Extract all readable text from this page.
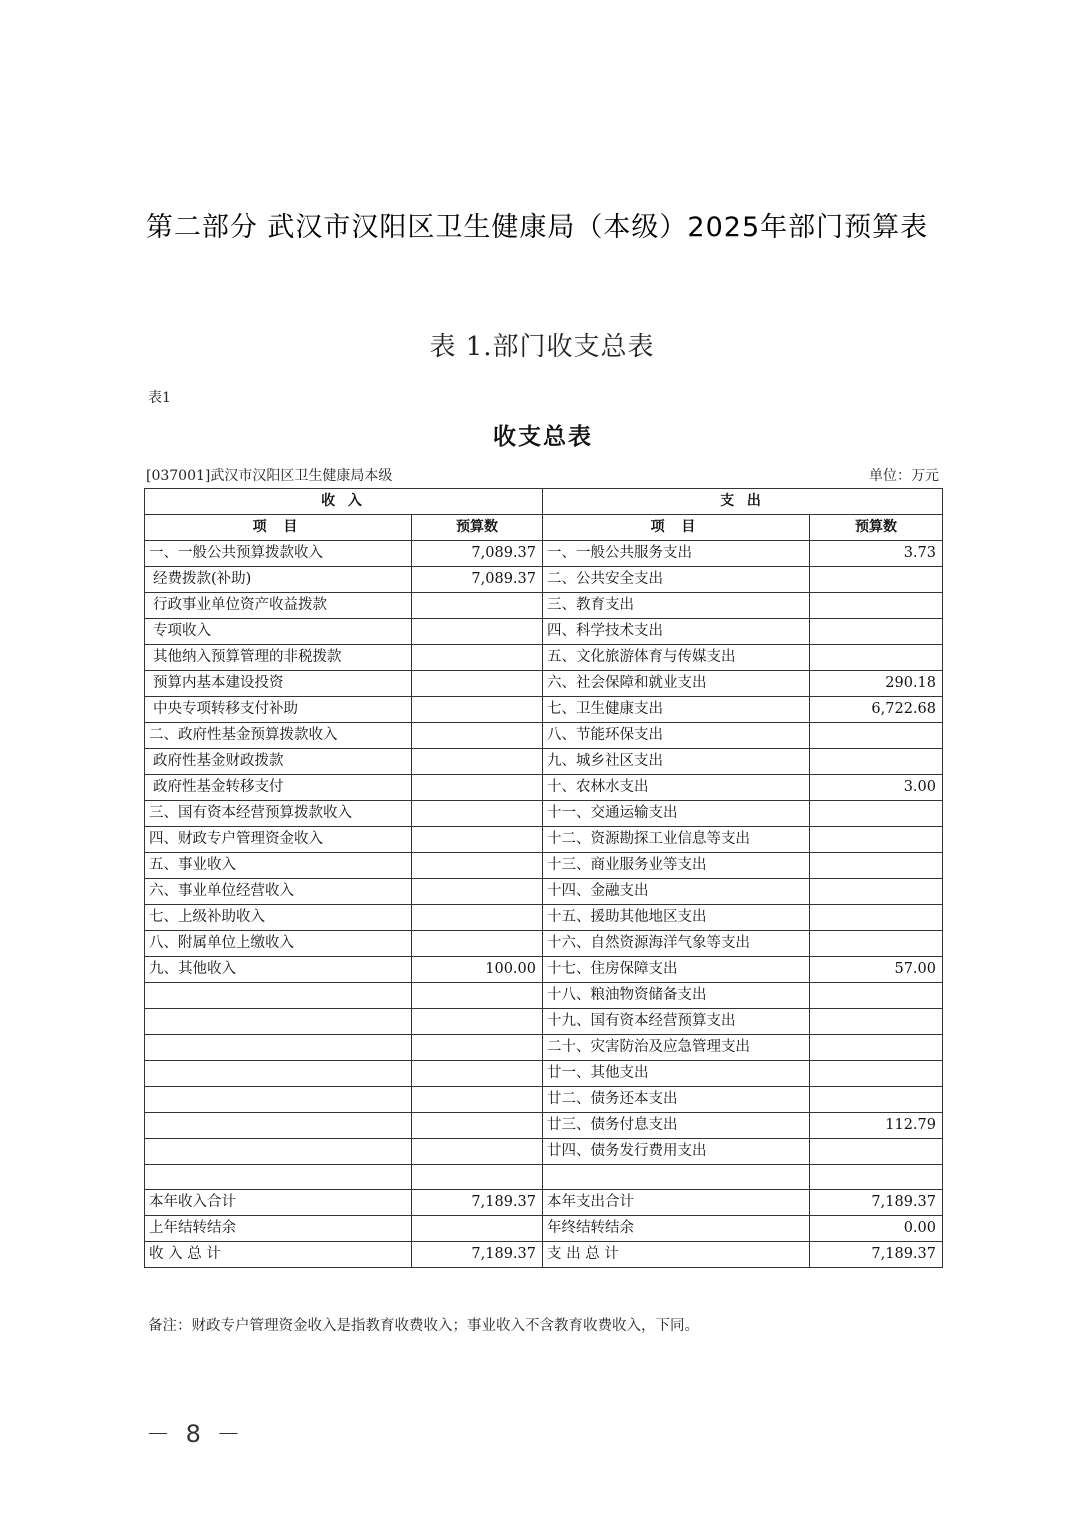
第二部分 武汉市汉阳区卫生健康局（本级）2025年部门预算表
表 1.部门收支总表
表1
收支总表
[037001]武汉市汉阳区卫生健康局本级	单位：万元
收 入		支 出	
项 目	预算数	项 目	预算数
一、一般公共预算拨款收入	7,089.37	一、一般公共服务支出	3.73
经费拨款(补助)	7,089.37	二、公共安全支出	
行政事业单位资产收益拨款		三、教育支出	
专项收入		四、科学技术支出	
其他纳入预算管理的非税拨款		五、文化旅游体育与传媒支出	
预算内基本建设投资		六、社会保障和就业支出	290.18
中央专项转移支付补助		七、卫生健康支出	6,722.68
二、政府性基金预算拨款收入		八、节能环保支出	
政府性基金财政拨款		九、城乡社区支出	
政府性基金转移支付		十、农林水支出	3.00
三、国有资本经营预算拨款收入		十一、交通运输支出	
四、财政专户管理资金收入		十二、资源勘探工业信息等支出	
五、事业收入		十三、商业服务业等支出	
六、事业单位经营收入		十四、金融支出	
七、上级补助收入		十五、援助其他地区支出	
八、附属单位上缴收入		十六、自然资源海洋气象等支出	
九、其他收入	100.00	十七、住房保障支出	57.00
		十八、粮油物资储备支出	
		十九、国有资本经营预算支出	
		二十、灾害防治及应急管理支出	
		廿一、其他支出	
		廿二、债务还本支出	
		廿三、债务付息支出	112.79
		廿四、债务发行费用支出	

本年收入合计	7,189.37	本年支出合计	7,189.37
上年结转结余		年终结转结余	0.00
收 入 总 计	7,189.37	支 出 总 计	7,189.37
备注：财政专户管理资金收入是指教育收费收入；事业收入不含教育收费收入，下同。
－ 8 －
